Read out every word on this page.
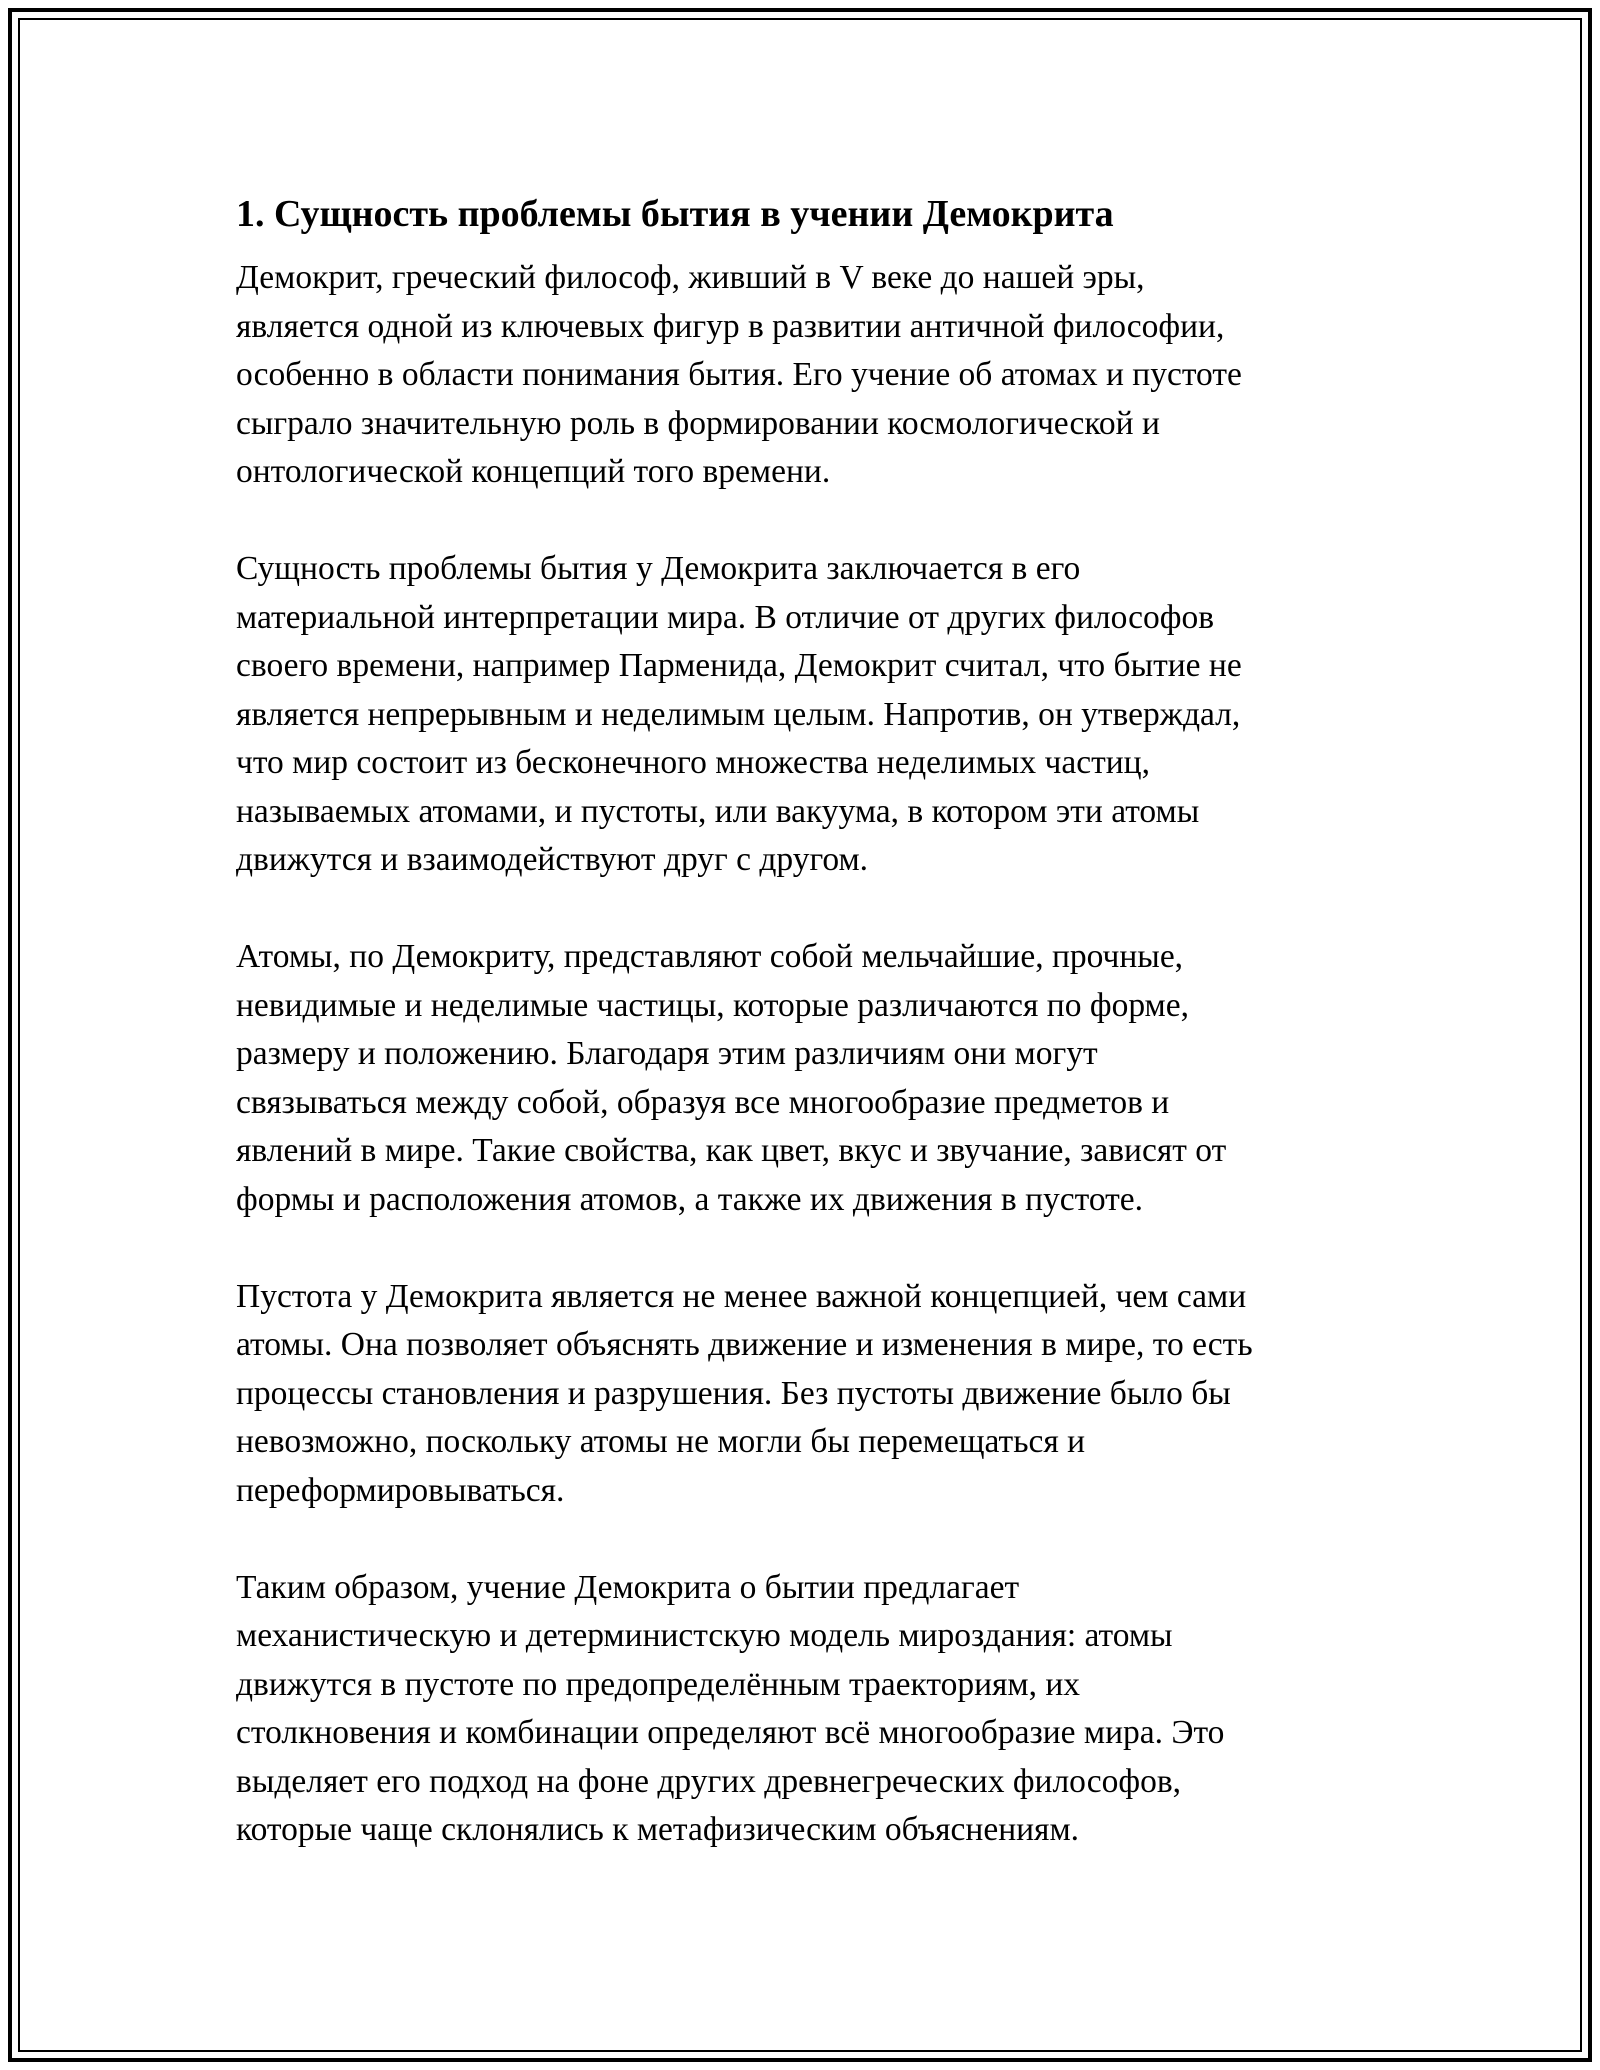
1. Сущность проблемы бытия в учении Демокрита

Демокрит, греческий философ, живший в V веке до нашей эры,
является одной из ключевых фигур в развитии античной философии,
особенно в области понимания бытия. Его учение об атомах и пустоте
сыграло значительную роль в формировании космологической и
онтологической концепций того времени.

Сущность проблемы бытия у Демокрита заключается в его
материальной интерпретации мира. В отличие от других философов
своего времени, например Парменида, Демокрит считал, что бытие не
является непрерывным и неделимым целым. Напротив, он утверждал,
что мир состоит из бесконечного множества неделимых частиц,
называемых атомами, и пустоты, или вакуума, в котором эти атомы
движутся и взаимодействуют друг с другом.

Атомы, по Демокриту, представляют собой мельчайшие, прочные,
невидимые и неделимые частицы, которые различаются по форме,
размеру и положению. Благодаря этим различиям они могут
связываться между собой, образуя все многообразие предметов и
явлений в мире. Такие свойства, как цвет, вкус и звучание, зависят от
формы и расположения атомов, а также их движения в пустоте.

Пустота у Демокрита является не менее важной концепцией, чем сами
атомы. Она позволяет объяснять движение и изменения в мире, то есть
процессы становления и разрушения. Без пустоты движение было бы
невозможно, поскольку атомы не могли бы перемещаться и
переформировываться.

Таким образом, учение Демокрита о бытии предлагает
механистическую и детерминистскую модель мироздания: атомы
движутся в пустоте по предопределённым траекториям, их
столкновения и комбинации определяют всё многообразие мира. Это
выделяет его подход на фоне других древнегреческих философов,
которые чаще склонялись к метафизическим объяснениям.
